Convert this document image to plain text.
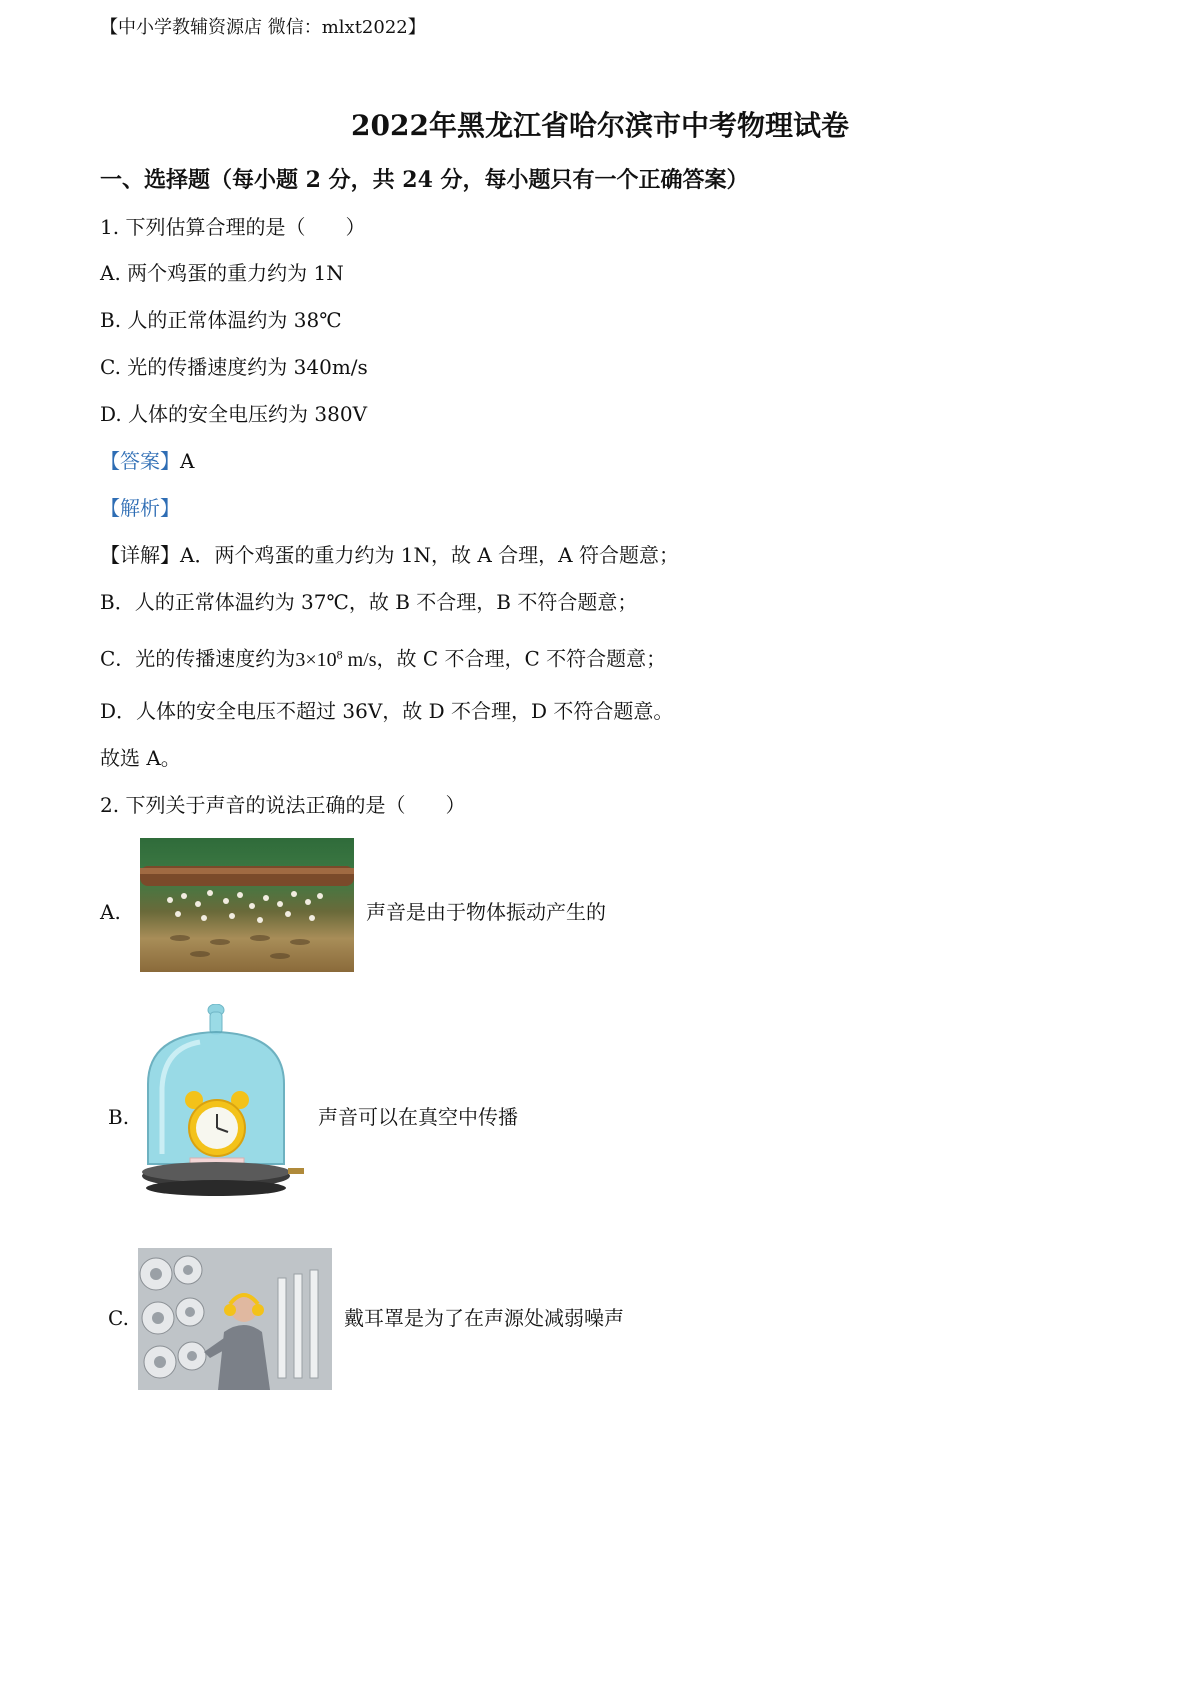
【中小学教辅资源店 微信：mlxt2022】
2022年黑龙江省哈尔滨市中考物理试卷
一、选择题（每小题 2 分，共 24 分，每小题只有一个正确答案）
1. 下列估算合理的是（　　）
A. 两个鸡蛋的重力约为 1N
B. 人的正常体温约为 38℃
C. 光的传播速度约为 340m/s
D. 人体的安全电压约为 380V
【答案】A
【解析】
【详解】A．两个鸡蛋的重力约为 1N，故 A 合理，A 符合题意；
B．人的正常体温约为 37℃，故 B 不合理，B 不符合题意；
C．光的传播速度约为$3\times 10^8$ m/s，故 C 不合理，C 不符合题意；
D．人体的安全电压不超过 36V，故 D 不合理，D 不符合题意。
故选 A。
2. 下列关于声音的说法正确的是（　　）
A.	声音是由于物体振动产生的
B.	声音可以在真空中传播
C.	戴耳罩是为了在声源处减弱噪声
